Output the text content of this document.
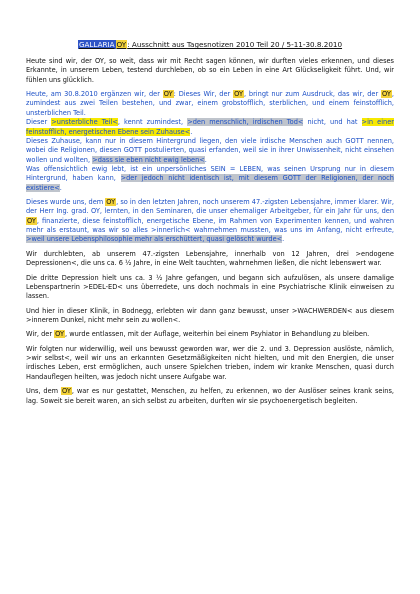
GALLARIA OY: Ausschnitt aus Tagesnotizen 2010 Teil 20 / 5-11-30.8.2010

Heute sind wir, der OY, so weit, dass wir mit Recht sagen können, wir durften vieles erkennen, und dieses Erkannte, in unserem Leben, testend durchleben, ob so ein Leben in eine Art Glückseligkeit führt. Und, wir fühlen uns glücklich.

Heute, am 30.8.2010 ergänzen wir, der OY: Dieses Wir, der OY, bringt nur zum Ausdruck, das wir, der OY, zumindest aus zwei Teilen bestehen, und zwar, einem grobstofflich, sterblichen, und einem feinstofflich, unsterblichen Teil.
Dieser >unsterbliche Teil<, kennt zumindest, >den menschlich, irdischen Tod< nicht, und hat >in einer feinstofflich, energetischen Ebene sein Zuhause<.
Dieses Zuhause, kann nur in diesem Hintergrund liegen, den viele irdische Menschen auch GOTT nennen, wobei die Religionen, diesen GOTT postulierten, quasi erfanden, weil sie in ihrer Unwissenheit, nicht einsehen wollen und wollten, >dass sie eben nicht ewig leben<.
Was offensichtlich ewig lebt, ist ein unpersönliches SEIN = LEBEN, was seinen Ursprung nur in diesem Hintergrund, haben kann, >der jedoch nicht identisch ist, mit diesem GOTT der Religionen, der noch existiere<.

Dieses wurde uns, dem OY, so in den letzten Jahren, noch unserem 47.-zigsten Lebensjahre, immer klarer. Wir, der Herr Ing. grad. OY, lernten, in den Seminaren, die unser ehemaliger Arbeitgeber, für ein Jahr für uns, den OY, finanzierte, diese feinstofflich, energetische Ebene, im Rahmen von Experimenten kennen, und wahren mehr als erstaunt, was wir so alles >innerlich< wahrnehmen mussten, was uns im Anfang, nicht erfreute, >weil unsere Lebensphilosophie mehr als erschüttert, quasi gelöscht wurde<.

Wir durchlebten, ab unserem 47.-zigsten Lebensjahre, innerhalb von 12 Jahren, drei >endogene Depressionen<, die uns ca. 6 ½ Jahre, in eine Welt tauchten, wahrnehmen ließen, die nicht lebenswert war.

Die dritte Depression hielt uns ca. 3 ½ Jahre gefangen, und begann sich aufzulösen, als unsere damalige Lebenspartnerin >EDEL-ED< uns überredete, uns doch nochmals in eine Psychiatrische Klinik einweisen zu lassen.

Und hier in dieser Klinik, in Bodnegg, erlebten wir dann ganz bewusst, unser >WACHWERDEN< aus diesem >innerem Dunkel, nicht mehr sein zu wollen<.

Wir, der OY, wurde entlassen, mit der Auflage, weiterhin bei einem Psyhiator in Behandlung zu bleiben.

Wir folgten nur widerwillig, weil uns bewusst geworden war, wer die 2. und 3. Depression auslöste, nämlich, >wir selbst<, weil wir uns an erkannten Gesetzmäßigkeiten nicht hielten, und mit den Energien, die unser irdisches Leben, erst ermöglichen, auch unsere Spielchen trieben, indem wir kranke Menschen, quasi durch Handauflegen heilten, was jedoch nicht unsere Aufgabe war.

Uns, dem OY, war es nur gestattet, Menschen, zu helfen, zu erkennen, wo der Auslöser seines krank seins, lag. Soweit sie bereit waren, an sich selbst zu arbeiten, durften wir sie psychoenergetisch begleiten.
